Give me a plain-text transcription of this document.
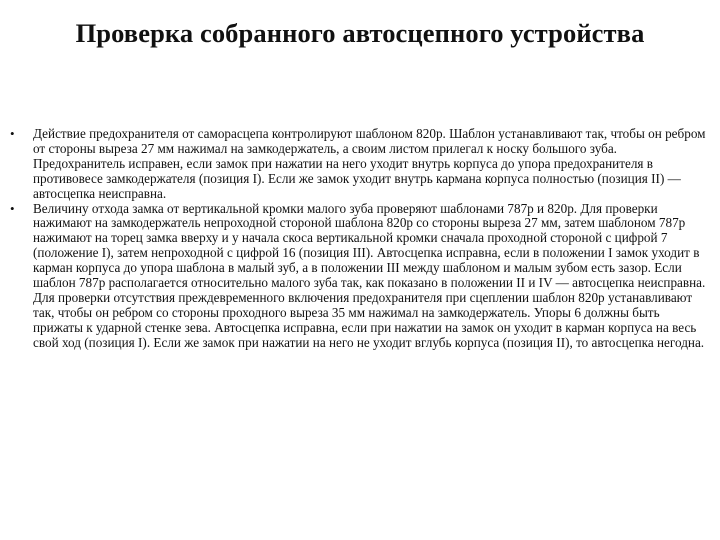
Проверка собранного автосцепного устройства
•	Действие предохранителя от саморасцепа контролируют шаблоном 820р. Шаблон устанавливают так, чтобы он ребром от стороны выреза 27 мм нажимал на замкодержатель, а своим листом прилегал к носку большого зуба. Предохранитель исправен, если замок при нажатии на него уходит внутрь корпуса до упора предохранителя в противовесе замкодержателя (позиция I). Если же замок уходит внутрь кармана корпуса полностью (позиция II) — автосцепка неисправна.
•	Величину отхода замка от вертикальной кромки малого зуба проверяют шаблонами 787р и 820р. Для проверки нажимают на замкодержатель непроходной стороной шаблона 820р со стороны выреза 27 мм, затем шаблоном 787р нажимают на торец замка вверху и у начала скоса вертикальной кромки сначала проходной стороной с цифрой 7 (положение I), затем непроходной с цифрой 16 (позиция III). Автосцепка исправна, если в положении I замок уходит в карман корпуса до упора шаблона в малый зуб, а в положении III между шаблоном и малым зубом есть зазор. Если шаблон 787р располагается относительно малого зуба так, как показано в положении II и IV — автосцепка неисправна. Для проверки отсутствия преждевременного включения предохранителя при сцеплении шаблон 820р устанавливают так, чтобы он ребром со стороны проходного выреза 35 мм нажимал на замкодержатель. Упоры 6 должны быть прижаты к ударной стенке зева. Автосцепка исправна, если при нажатии на замок он уходит в карман корпуса на весь свой ход (позиция I). Если же замок при нажатии на него не уходит вглубь корпуса (позиция II), то автосцепка негодна.
